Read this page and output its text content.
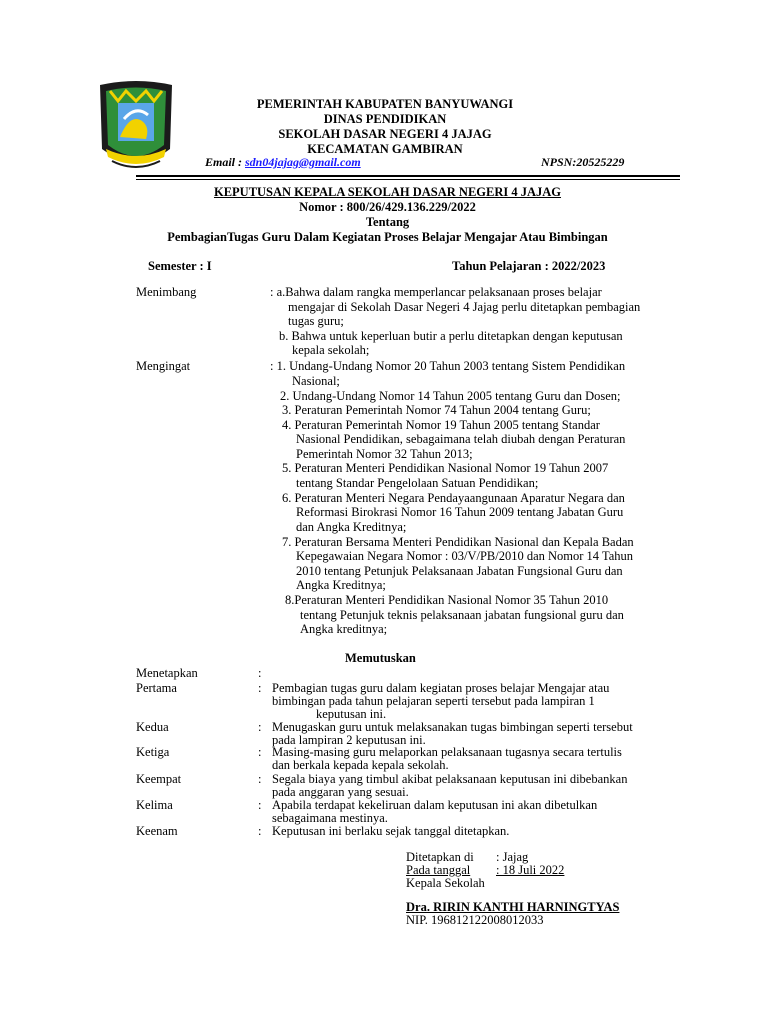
PEMERINTAH KABUPATEN BANYUWANGI
DINAS PENDIDIKAN
SEKOLAH DASAR NEGERI 4 JAJAG
KECAMATAN GAMBIRAN
Email : sdn04jajag@gmail.com	NPSN:20525229
KEPUTUSAN KEPALA SEKOLAH DASAR NEGERI 4 JAJAG
Nomor : 800/26/429.136.229/2022
Tentang
PembagianTugas Guru Dalam Kegiatan Proses Belajar Mengajar Atau Bimbingan
Semester : I	Tahun Pelajaran : 2022/2023
Menimbang	: a.Bahwa dalam rangka memperlancar pelaksanaan proses belajar
mengajar di Sekolah Dasar Negeri 4 Jajag perlu ditetapkan pembagian
tugas guru;
b. Bahwa untuk keperluan butir a perlu ditetapkan dengan keputusan
kepala sekolah;
Mengingat	: 1. Undang-Undang Nomor 20 Tahun 2003 tentang Sistem Pendidikan
Nasional;
2. Undang-Undang Nomor 14 Tahun 2005 tentang Guru dan Dosen;
3. Peraturan Pemerintah Nomor 74 Tahun 2004 tentang Guru;
4. Peraturan Pemerintah Nomor 19 Tahun 2005 tentang Standar
Nasional Pendidikan, sebagaimana telah diubah dengan Peraturan
Pemerintah Nomor 32 Tahun 2013;
5. Peraturan Menteri Pendidikan Nasional Nomor 19 Tahun 2007
tentang Standar Pengelolaan Satuan Pendidikan;
6. Peraturan Menteri Negara Pendayaangunaan Aparatur Negara dan
Reformasi Birokrasi Nomor 16 Tahun 2009 tentang Jabatan Guru
dan Angka Kreditnya;
7. Peraturan Bersama Menteri Pendidikan Nasional dan Kepala Badan
Kepegawaian Negara Nomor : 03/V/PB/2010 dan Nomor 14 Tahun
2010 tentang Petunjuk Pelaksanaan Jabatan Fungsional Guru dan
Angka Kreditnya;
8.Peraturan Menteri Pendidikan Nasional Nomor 35 Tahun 2010
tentang Petunjuk teknis pelaksanaan jabatan fungsional guru dan
Angka kreditnya;
Memutuskan
Menetapkan	:
Pertama	: Pembagian tugas guru dalam kegiatan proses belajar Mengajar atau
bimbingan pada tahun pelajaran seperti tersebut pada lampiran 1
keputusan ini.
Kedua	: Menugaskan guru untuk melaksanakan tugas bimbingan seperti tersebut
pada lampiran 2 keputusan ini.
Ketiga	: Masing-masing guru melaporkan pelaksanaan tugasnya secara tertulis
dan berkala kepada kepala sekolah.
Keempat	: Segala biaya yang timbul akibat pelaksanaan keputusan ini dibebankan
pada anggaran yang sesuai.
Kelima	: Apabila terdapat kekeliruan dalam keputusan ini akan dibetulkan
sebagaimana mestinya.
Keenam	: Keputusan ini berlaku sejak tanggal ditetapkan.
Ditetapkan di : Jajag
Pada tanggal	: 18 Juli 2022
Kepala Sekolah
Dra. RIRIN KANTHI HARNINGTYAS
NIP. 196812122008012033
